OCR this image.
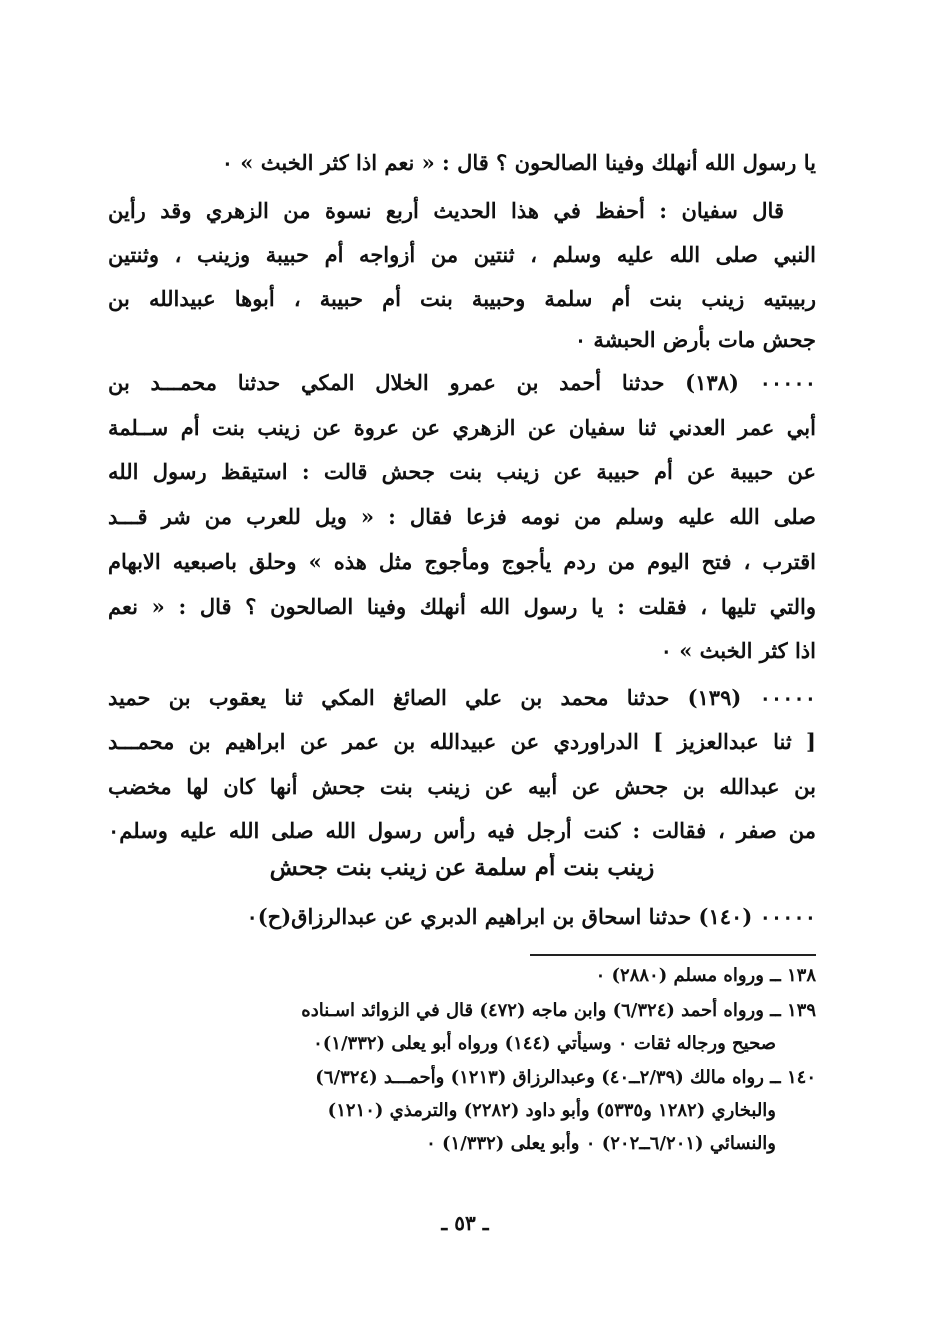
يا رسول الله أنهلك وفينا الصالحون ؟ قال : « نعم اذا كثر الخبث » ٠
قال سفيان : أحفظ في هذا الحديث أربع نسوة من الزهري وقد رأين
النبي صلى الله عليه وسلم ، ثنتين من أزواجه أم حبيبة وزينب ، وثنتين
ربيبتيه زينب بنت أم سلمة وحبيبة بنت أم حبيبة ، أبوها عبيدالله بن
جحش مات بأرض الحبشة ٠
٠٠٠٠٠ (١٣٨) حدثنا أحمد بن عمرو الخلال المكي حدثنا محمـــد بن
أبي عمر العدني ثنا سفيان عن الزهري عن عروة عن زينب بنت أم ســلمة
عن حبيبة عن أم حبيبة عن زينب بنت جحش قالت : استيقظ رسول الله
صلى الله عليه وسلم من نومه فزعا فقال : « ويل للعرب من شر قـــد
اقترب ، فتح اليوم من ردم يأجوج ومأجوج مثل هذه » وحلق باصبعيه الابهام
والتي تليها ، فقلت : يا رسول الله أنهلك وفينا الصالحون ؟ قال : « نعم
اذا كثر الخبث » ٠
٠٠٠٠٠ (١٣٩) حدثنا محمد بن علي الصائغ المكي ثنا يعقوب بن حميد
[ ثنا عبدالعزيز ] الدراوردي عن عبيدالله بن عمر عن ابراهيم بن محمـــد
بن عبدالله بن جحش عن أبيه عن زينب بنت جحش أنها كان لها مخضب
من صفر ، فقالت : كنت أرجل فيه رأس رسول الله صلى الله عليه وسلم٠
زينب بنت أم سلمة عن زينب بنت جحش
٠٠٠٠٠ (١٤٠) حدثنا اسحاق بن ابراهيم الدبري عن عبدالرزاق(ح)٠
١٣٨ ــ ورواه مسلم (٢٨٨٠) ٠
١٣٩ ــ ورواه أحمد (٦/٣٢٤) وابن ماجه (٤٧٢) قال في الزوائد اسـناده
صحيح ورجاله ثقات ٠ وسيأتي (١٤٤) ورواه أبو يعلى (١/٣٣٢)٠
١٤٠ ــ رواه مالك (٢/٣٩ــ٤٠) وعبدالرزاق (١٢١٣) وأحمـــد (٦/٣٢٤)
والبخاري (١٢٨٢ و٥٣٣٥) وأبو داود (٢٢٨٢) والترمذي (١٢١٠)
والنسائي (٦/٢٠١ــ٢٠٢) ٠ وأبو يعلى (١/٣٣٢) ٠
ـ ٥٣ ـ
